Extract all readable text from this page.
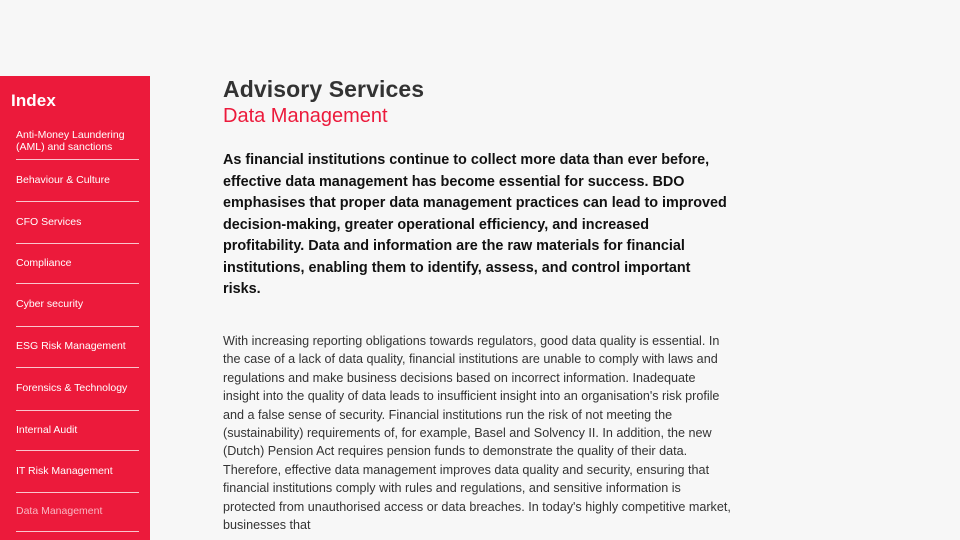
Index
Anti-Money Laundering (AML) and sanctions
Behaviour & Culture
CFO Services
Compliance
Cyber security
ESG Risk Management
Forensics & Technology
Internal Audit
IT Risk Management
Data Management
Advisory Services
Data Management

As financial institutions continue to collect more data than ever before, effective data management has become essential for success. BDO emphasises that proper data management practices can lead to improved decision-making, greater operational efficiency, and increased profitability. Data and information are the raw materials for financial institutions, enabling them to identify, assess, and control important risks.

With increasing reporting obligations towards regulators, good data quality is essential. In the case of a lack of data quality, financial institutions are unable to comply with laws and regulations and make business decisions based on incorrect information. Inadequate insight into the quality of data leads to insufficient insight into an organisation's risk profile and a false sense of security. Financial institutions run the risk of not meeting the (sustainability) requirements of, for example, Basel and Solvency II. In addition, the new (Dutch) Pension Act requires pension funds to demonstrate the quality of their data. Therefore, effective data management improves data quality and security, ensuring that financial institutions comply with rules and regulations, and sensitive information is protected from unauthorised access or data breaches. In today's highly competitive market, businesses that
